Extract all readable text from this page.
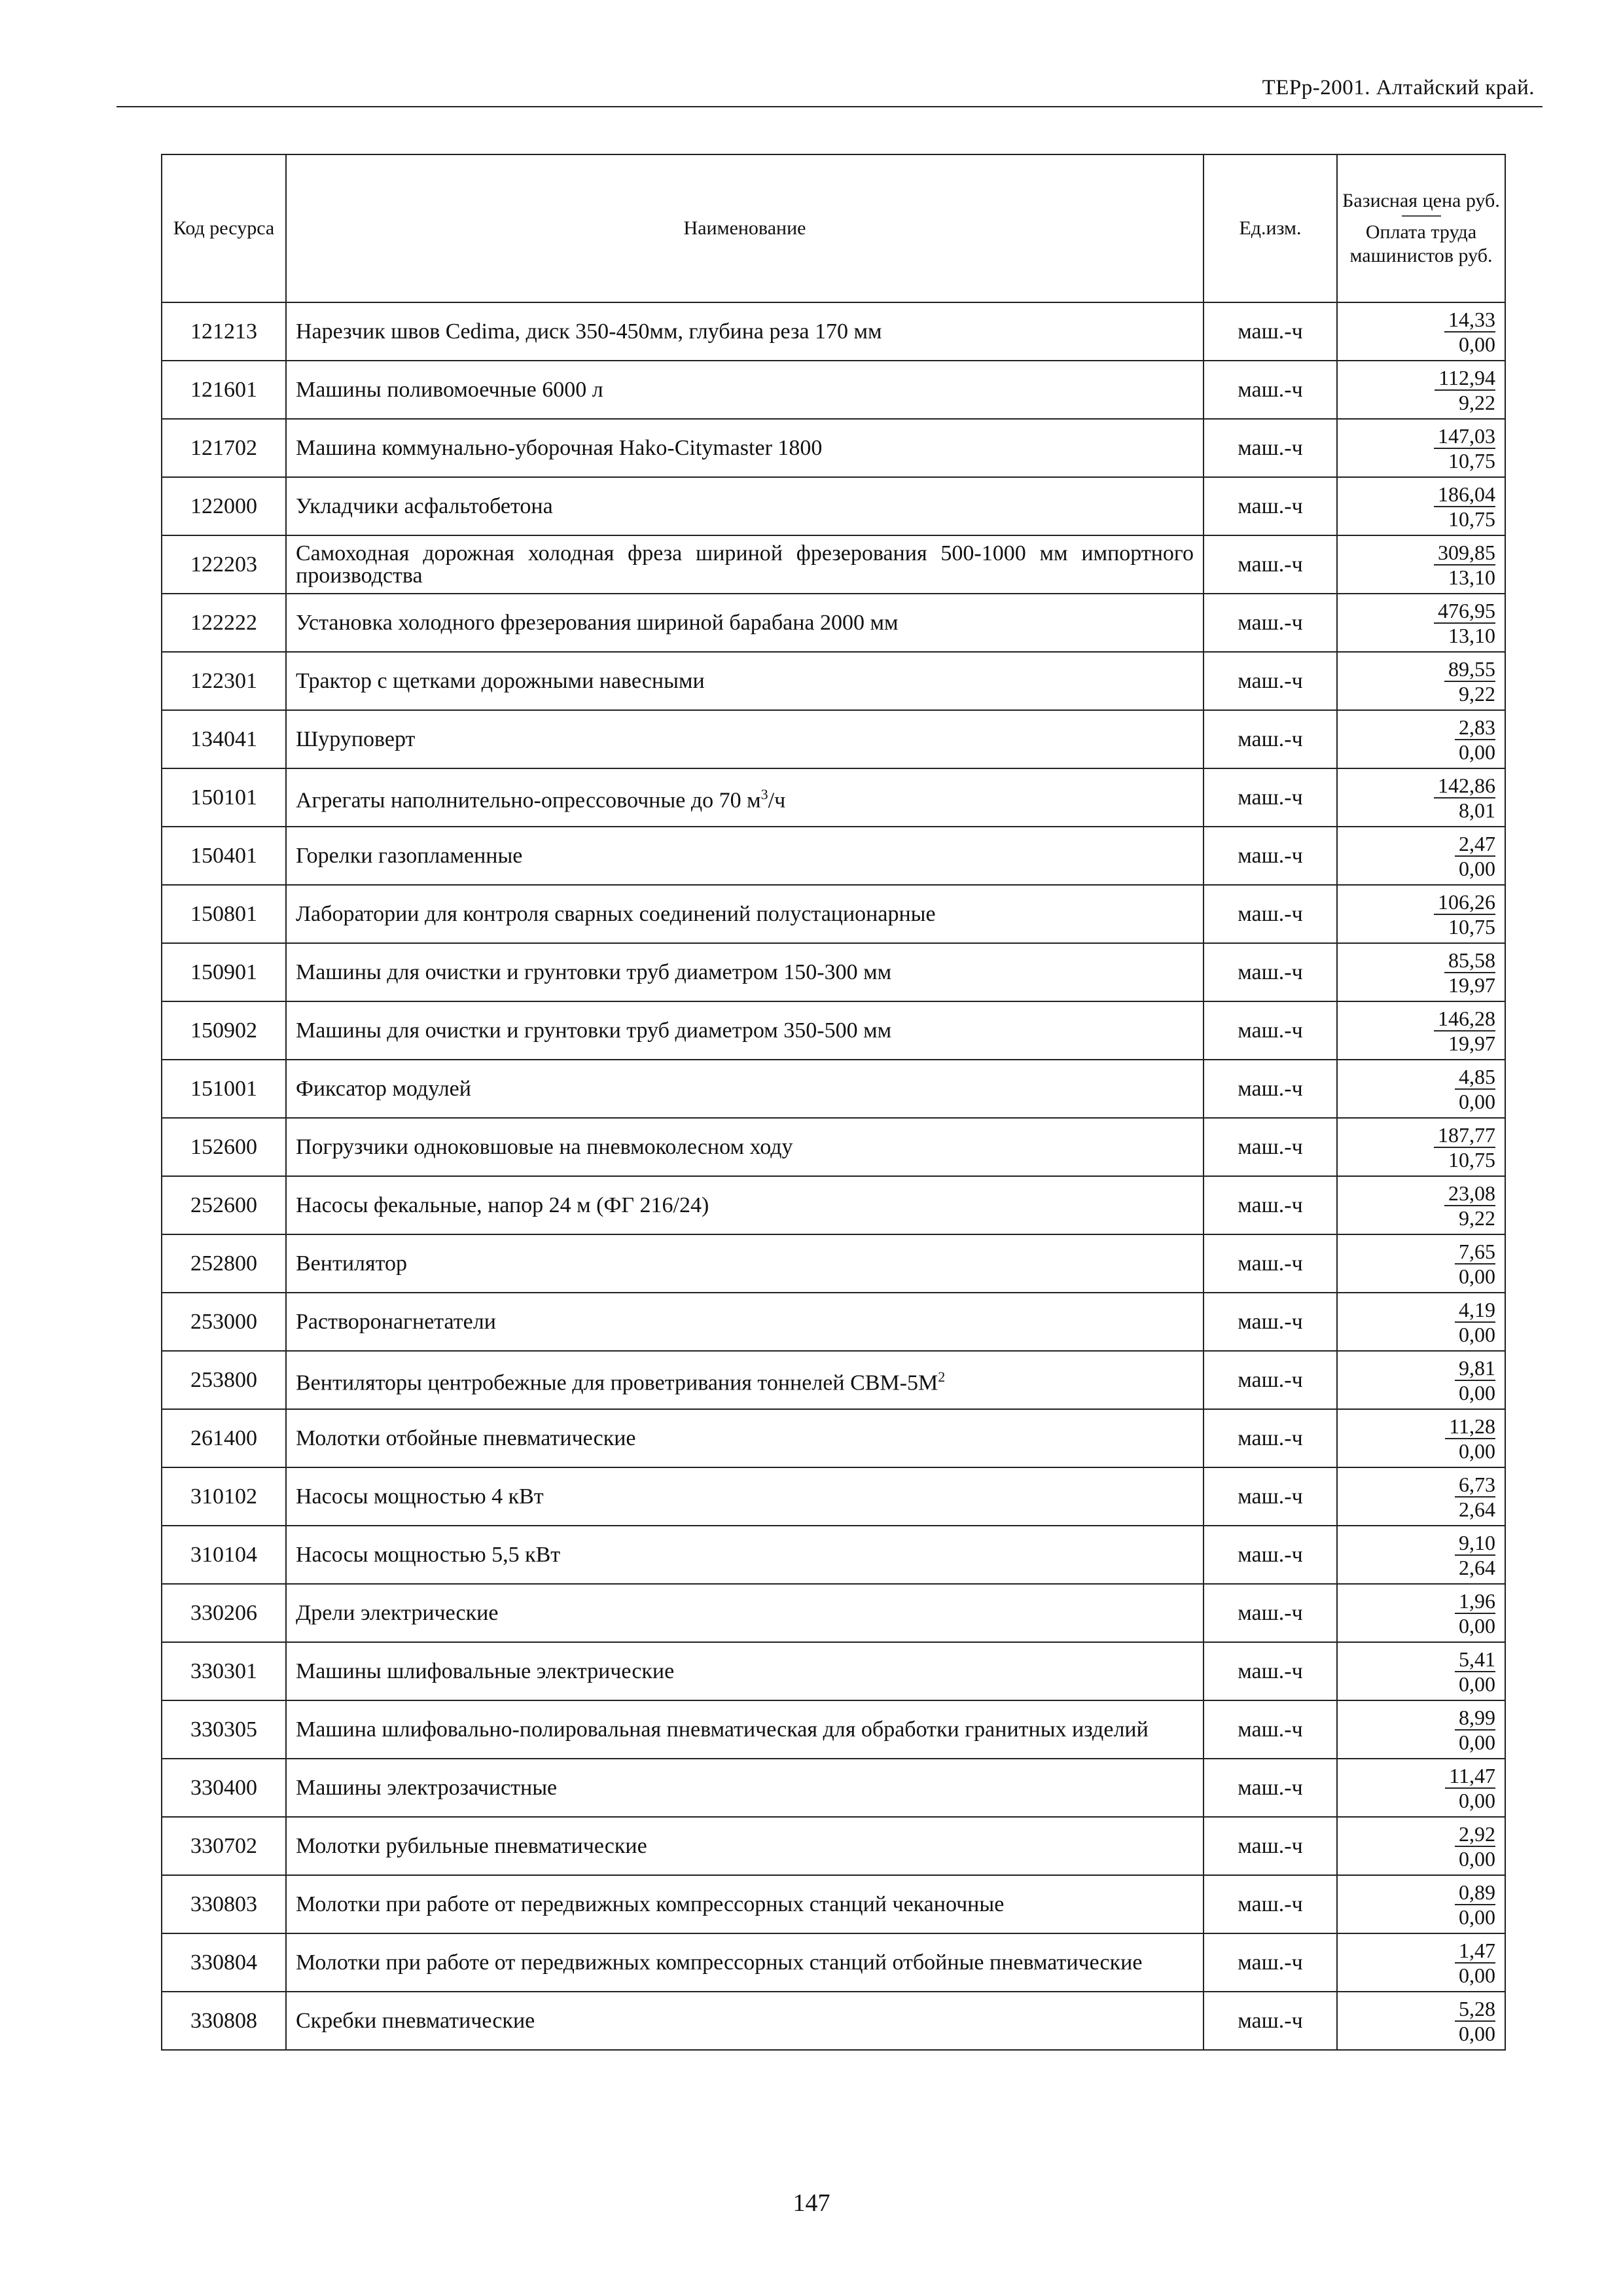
ТЕРр-2001. Алтайский край.
Код ресурса	Наименование	Ед.изм.	Базисная цена руб.
Оплата труда машинистов руб.
121213	Нарезчик швов Cedima, диск 350-450мм, глубина реза 170 мм	маш.-ч	$\frac{14,33}{0,00}$

121601	Машины поливомоечные 6000 л	маш.-ч	$\frac{112,94}{9,22}$

121702	Машина коммунально-уборочная Hako-Citymaster 1800	маш.-ч	$\frac{147,03}{10,75}$

122000	Укладчики асфальтобетона	маш.-ч	$\frac{186,04}{10,75}$

122203	Самоходная дорожная холодная фреза шириной фрезерования 500-1000 мм импортного производства	маш.-ч	$\frac{309,85}{13,10}$

122222	Установка холодного фрезерования шириной барабана 2000 мм	маш.-ч	$\frac{476,95}{13,10}$

122301	Трактор с щетками дорожными навесными	маш.-ч	$\frac{89,55}{9,22}$

134041	Шуруповерт	маш.-ч	$\frac{2,83}{0,00}$

150101	Агрегаты наполнительно-опрессовочные до 70 $м^3/ч$	маш.-ч	$\frac{142,86}{8,01}$

150401	Горелки газопламенные	маш.-ч	$\frac{2,47}{0,00}$

150801	Лаборатории для контроля сварных соединений полустационарные	маш.-ч	$\frac{106,26}{10,75}$

150901	Машины для очистки и грунтовки труб диаметром 150-300 мм	маш.-ч	$\frac{85,58}{19,97}$

150902	Машины для очистки и грунтовки труб диаметром 350-500 мм	маш.-ч	$\frac{146,28}{19,97}$

151001	Фиксатор модулей	маш.-ч	$\frac{4,85}{0,00}$

152600	Погрузчики одноковшовые на пневмоколесном ходу	маш.-ч	$\frac{187,77}{10,75}$

252600	Насосы фекальные, напор 24 м (ФГ 216/24)	маш.-ч	$\frac{23,08}{9,22}$

252800	Вентилятор	маш.-ч	$\frac{7,65}{0,00}$

253000	Растворонагнетатели	маш.-ч	$\frac{4,19}{0,00}$

253800	Вентиляторы центробежные для проветривания тоннелей СВМ-$5М^2$	маш.-ч	$\frac{9,81}{0,00}$

261400	Молотки отбойные пневматические	маш.-ч	$\frac{11,28}{0,00}$

310102	Насосы мощностью 4 кВт	маш.-ч	$\frac{6,73}{2,64}$

310104	Насосы мощностью 5,5 кВт	маш.-ч	$\frac{9,10}{2,64}$

330206	Дрели электрические	маш.-ч	$\frac{1,96}{0,00}$

330301	Машины шлифовальные электрические	маш.-ч	$\frac{5,41}{0,00}$

330305	Машина шлифовально-полировальная пневматическая для обработки гранитных изделий	маш.-ч	$\frac{8,99}{0,00}$

330400	Машины электрозачистные	маш.-ч	$\frac{11,47}{0,00}$

330702	Молотки рубильные пневматические	маш.-ч	$\frac{2,92}{0,00}$

330803	Молотки при работе от передвижных компрессорных станций чеканочные	маш.-ч	$\frac{0,89}{0,00}$

330804	Молотки при работе от передвижных компрессорных станций отбойные пневматические	маш.-ч	$\frac{1,47}{0,00}$

330808	Скребки пневматические	маш.-ч	$\frac{5,28}{0,00}$
147
